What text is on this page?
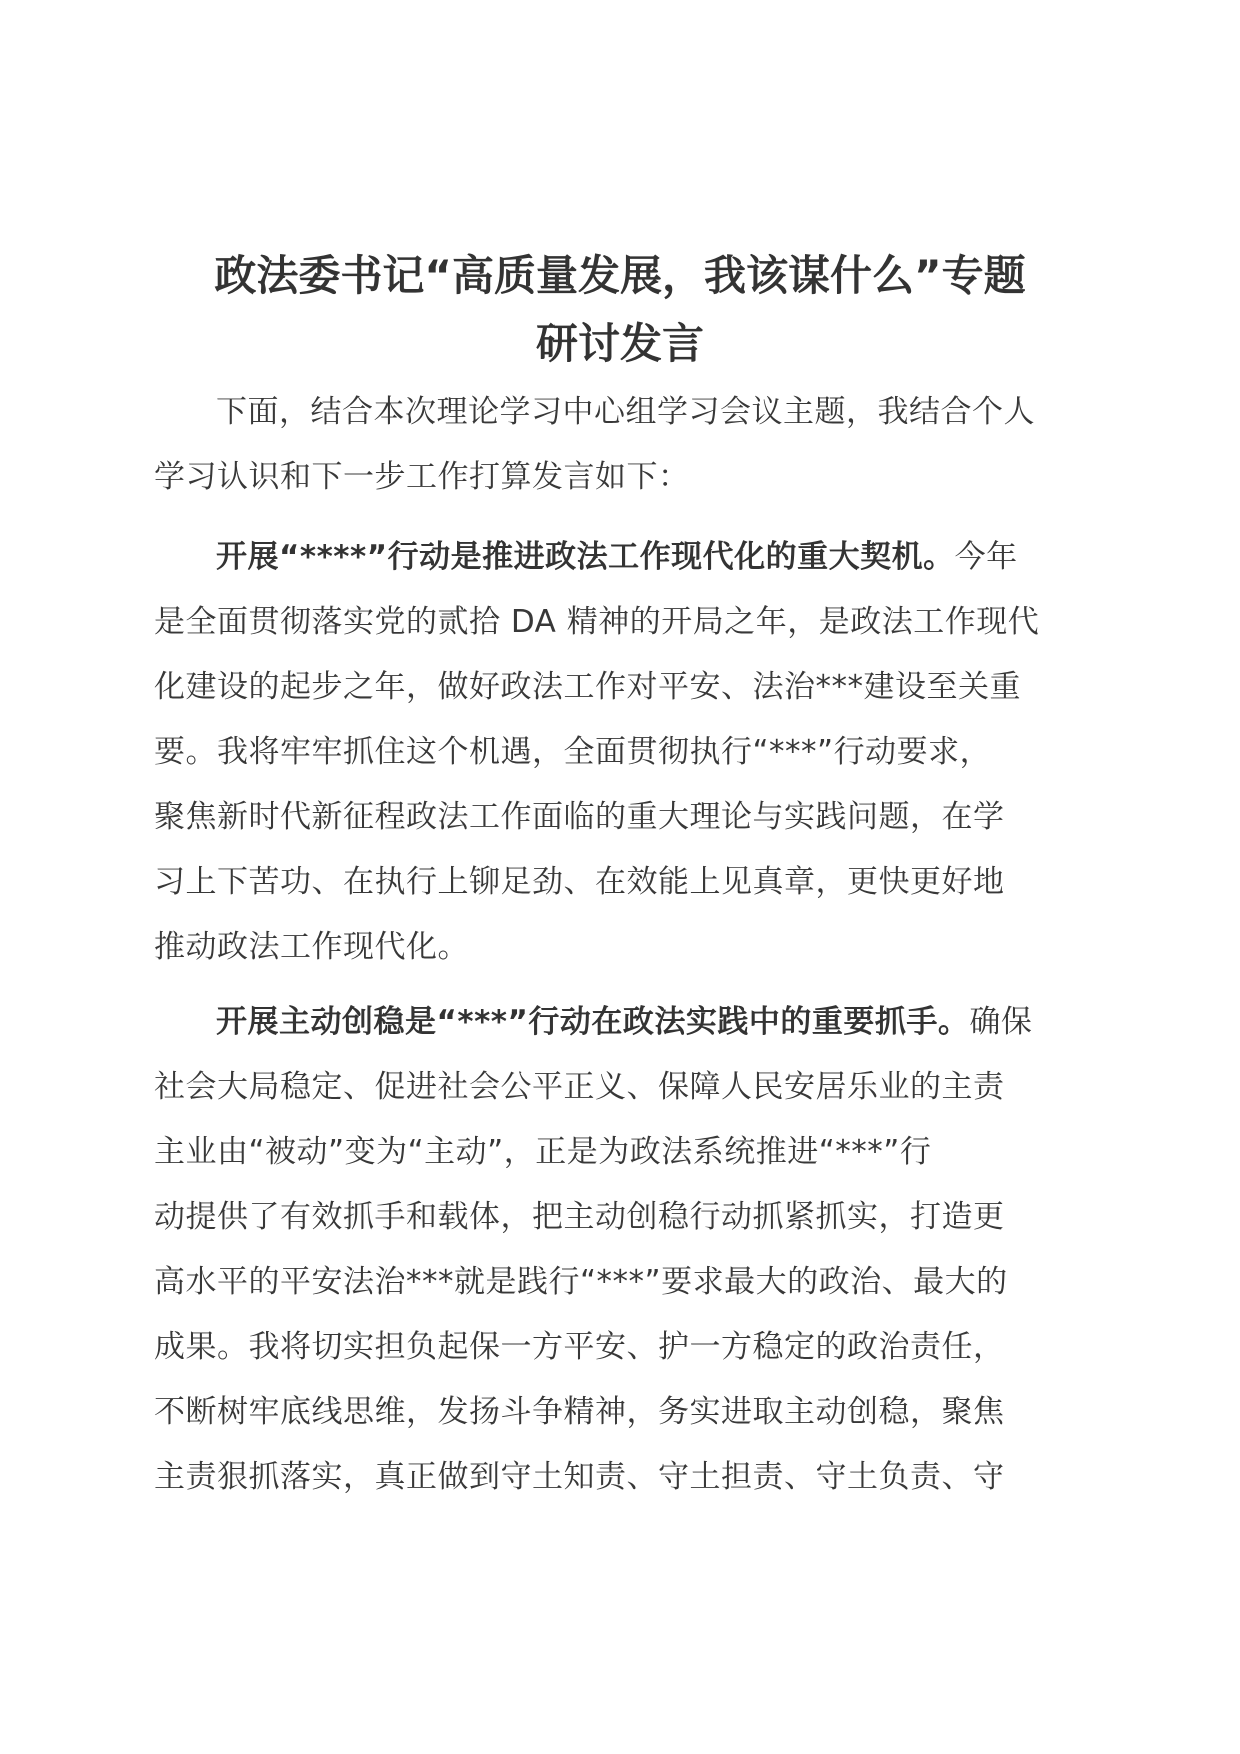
政法委书记“高质量发展，我该谋什么”专题
研讨发言
下面，结合本次理论学习中心组学习会议主题，我结合个人
学习认识和下一步工作打算发言如下：
开展“****”行动是推进政法工作现代化的重大契机。今年
是全面贯彻落实党的贰拾 DA 精神的开局之年，是政法工作现代
化建设的起步之年，做好政法工作对平安、法治***建设至关重
要。我将牢牢抓住这个机遇，全面贯彻执行“***”行动要求，
聚焦新时代新征程政法工作面临的重大理论与实践问题，在学
习上下苦功、在执行上铆足劲、在效能上见真章，更快更好地
推动政法工作现代化。
开展主动创稳是“***”行动在政法实践中的重要抓手。确保
社会大局稳定、促进社会公平正义、保障人民安居乐业的主责
主业由“被动”变为“主动”，正是为政法系统推进“***”行
动提供了有效抓手和载体，把主动创稳行动抓紧抓实，打造更
高水平的平安法治***就是践行“***”要求最大的政治、最大的
成果。我将切实担负起保一方平安、护一方稳定的政治责任，
不断树牢底线思维，发扬斗争精神，务实进取主动创稳，聚焦
主责狠抓落实，真正做到守土知责、守土担责、守土负责、守
